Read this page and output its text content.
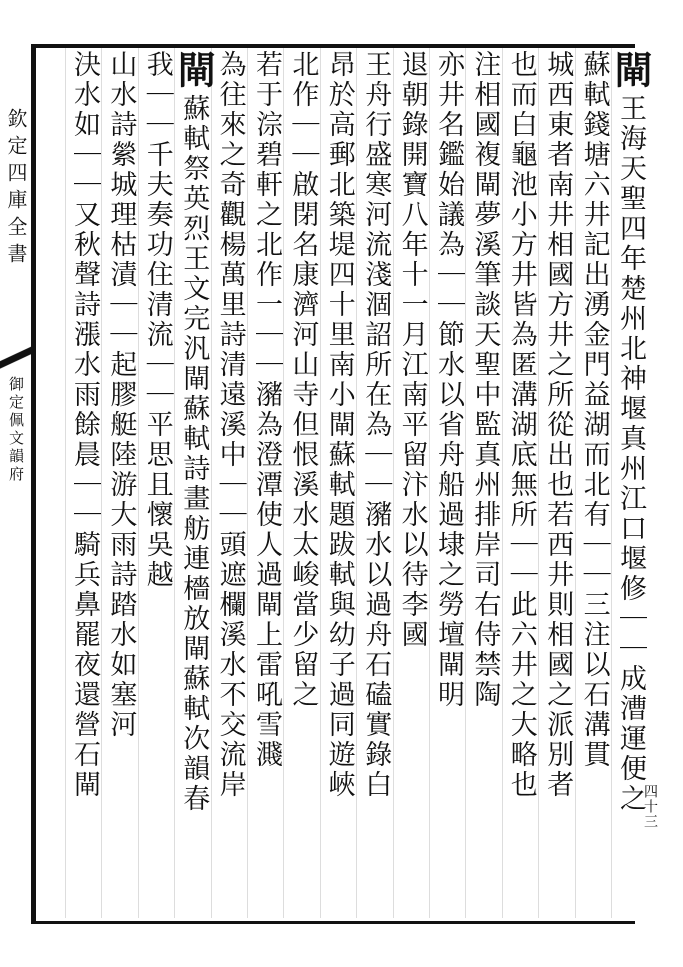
欽定四庫全書
御定佩文韻府
閘王海天聖四年楚州北神堰真州江口堰修｜｜成漕運便之
蘇軾錢塘六井記出湧金門益湖而北有｜｜三注以石溝貫
城西東者南井相國方井之所從出也若西井則相國之派別者
也而白龜池小方井皆為匿溝湖底無所｜｜此六井之大略也
注相國複閘夢溪筆談天聖中監真州排岸司右侍禁陶
亦井名鑑始議為｜｜節水以省舟船過埭之勞壇閘明
退朝錄開寶八年十一月江南平留汴水以待李國
王舟行盛寒河流淺涸詔所在為｜｜瀦水以過舟石磕實錄白
昂於高郵北築堤四十里南小閘蘇軾題跋軾與幼子過同遊峽
北作｜｜啟閉名康濟河山寺但恨溪水太峻當少留之
若于淙碧軒之北作一｜｜瀦為澄潭使人過閘上雷吼雪濺
為往來之奇觀楊萬里詩清遠溪中｜｜頭遮欄溪水不交流岸
閘蘇軾祭英烈王文完汎閘蘇軾詩畫舫連檣放閘蘇軾次韻春
我｜｜千夫奏功住清流｜｜平思且懷吳越
山水詩縈城理枯漬｜｜起膠艇陸游大雨詩踏水如塞河
決水如｜｜又秋聲詩漲水雨餘晨｜｜騎兵鼻罷夜還營石閘
四十三
